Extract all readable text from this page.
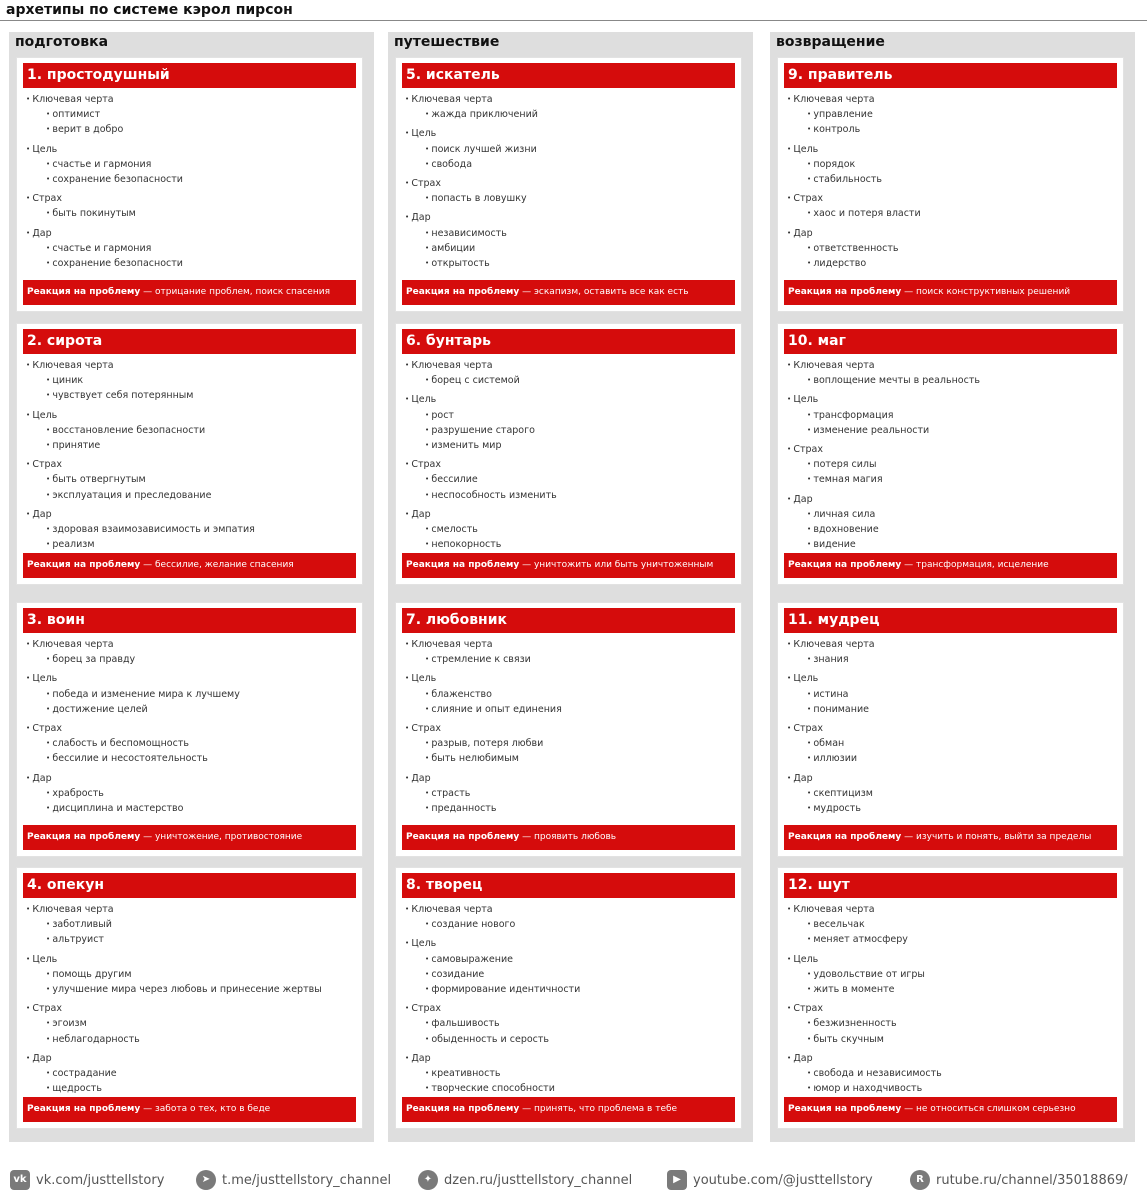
архетипы по системе кэрол пирсон
подготовка
1. простодушный
• Ключевая черта
• оптимист
• верит в добро
• Цель
• счастье и гармония
• сохранение безопасности
• Страх
• быть покинутым
• Дар
• счастье и гармония
• сохранение безопасности
Реакция на проблему — отрицание проблем, поиск спасения
2. сирота
• Ключевая черта
• циник
• чувствует себя потерянным
• Цель
• восстановление безопасности
• принятие
• Страх
• быть отвергнутым
• эксплуатация и преследование
• Дар
• здоровая взаимозависимость и эмпатия
• реализм
Реакция на проблему — бессилие, желание спасения
3. воин
• Ключевая черта
• борец за правду
• Цель
• победа и изменение мира к лучшему
• достижение целей
• Страх
• слабость и беспомощность
• бессилие и несостоятельность
• Дар
• храбрость
• дисциплина и мастерство
Реакция на проблему — уничтожение, противостояние
4. опекун
• Ключевая черта
• заботливый
• альтруист
• Цель
• помощь другим
• улучшение мира через любовь и принесение жертвы
• Страх
• эгоизм
• неблагодарность
• Дар
• сострадание
• щедрость
Реакция на проблему — забота о тех, кто в беде
путешествие
5. искатель
• Ключевая черта
• жажда приключений
• Цель
• поиск лучшей жизни
• свобода
• Страх
• попасть в ловушку
• Дар
• независимость
• амбиции
• открытость
Реакция на проблему — эскапизм, оставить все как есть
6. бунтарь
• Ключевая черта
• борец с системой
• Цель
• рост
• разрушение старого
• изменить мир
• Страх
• бессилие
• неспособность изменить
• Дар
• смелость
• непокорность
Реакция на проблему — уничтожить или быть уничтоженным
7. любовник
• Ключевая черта
• стремление к связи
• Цель
• блаженство
• слияние и опыт единения
• Страх
• разрыв, потеря любви
• быть нелюбимым
• Дар
• страсть
• преданность
Реакция на проблему — проявить любовь
8. творец
• Ключевая черта
• создание нового
• Цель
• самовыражение
• созидание
• формирование идентичности
• Страх
• фальшивость
• обыденность и серость
• Дар
• креативность
• творческие способности
Реакция на проблему — принять, что проблема в тебе
возвращение
9. правитель
• Ключевая черта
• управление
• контроль
• Цель
• порядок
• стабильность
• Страх
• хаос и потеря власти
• Дар
• ответственность
• лидерство
Реакция на проблему — поиск конструктивных решений
10. маг
• Ключевая черта
• воплощение мечты в реальность
• Цель
• трансформация
• изменение реальности
• Страх
• потеря силы
• темная магия
• Дар
• личная сила
• вдохновение
• видение
Реакция на проблему — трансформация, исцеление
11. мудрец
• Ключевая черта
• знания
• Цель
• истина
• понимание
• Страх
• обман
• иллюзии
• Дар
• скептицизм
• мудрость
Реакция на проблему — изучить и понять, выйти за пределы
12. шут
• Ключевая черта
• весельчак
• меняет атмосферу
• Цель
• удовольствие от игры
• жить в моменте
• Страх
• безжизненность
• быть скучным
• Дар
• свобода и независимость
• юмор и находчивость
Реакция на проблему — не относиться слишком серьезно
vk vk.com/justtellstory	➤ t.me/justtellstory_channel	✦ dzen.ru/justtellstory_channel	▶ youtube.com/@justtellstory	R rutube.ru/channel/35018869/
